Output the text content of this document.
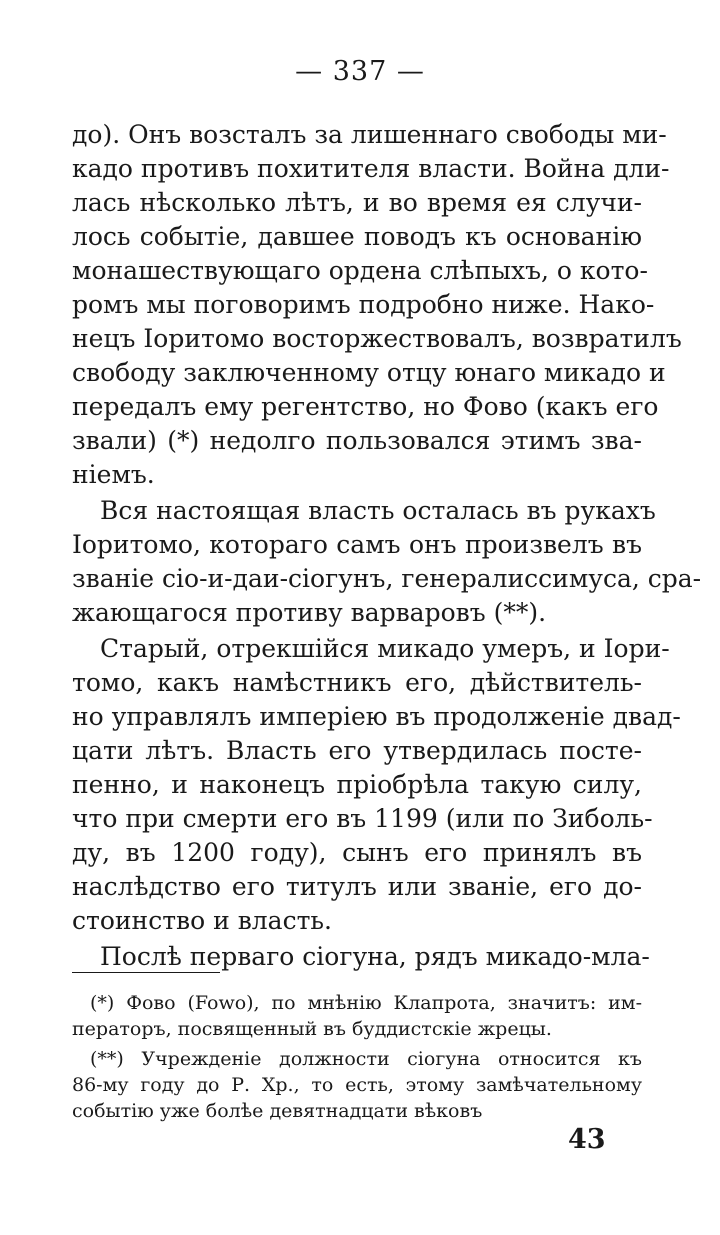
— 337 —
до). Онъ возсталъ за лишеннаго свободы ми-
кадо противъ похитителя власти. Война дли-
лась нѣсколько лѣтъ, и во время ея случи-
лось событіе, давшее поводъ къ основанію
монашествующаго ордена слѣпыхъ, о кото-
ромъ мы поговоримъ подробно ниже. Нако-
нецъ Іоритомо восторжествовалъ, возвратилъ
свободу заключенному отцу юнаго микадо и
передалъ ему регентство, но Фово (какъ его
звали) (*) недолго пользовался этимъ зва-
ніемъ.
Вся настоящая власть осталась въ рукахъ
Іоритомо, котораго самъ онъ произвелъ въ
званіе сіо-и-даи-сіогунъ, генералиссимуса, сра-
жающагося противу варваровъ (**).
Старый, отрекшійся микадо умеръ, и Іори-
томо, какъ намѣстникъ его, дѣйствитель-
но управлялъ имперіею въ продолженіе двад-
цати лѣтъ. Власть его утвердилась посте-
пенно, и наконецъ пріобрѣла такую силу,
что при смерти его въ 1199 (или по Зиболь-
ду, въ 1200 году), сынъ его принялъ въ
наслѣдство его титулъ или званіе, его до-
стоинство и власть.
Послѣ перваго сіогуна, рядъ микадо-мла-
(*) Фово (Fowo), по мнѣнію Клапрота, значитъ: им-
ператоръ, посвященный въ буддистскіе жрецы.
(**) Учрежденіе должности сіогуна относится къ
86-му году до Р. Хр., то есть, этому замѣчательному
событію уже болѣе девятнадцати вѣковъ
43
